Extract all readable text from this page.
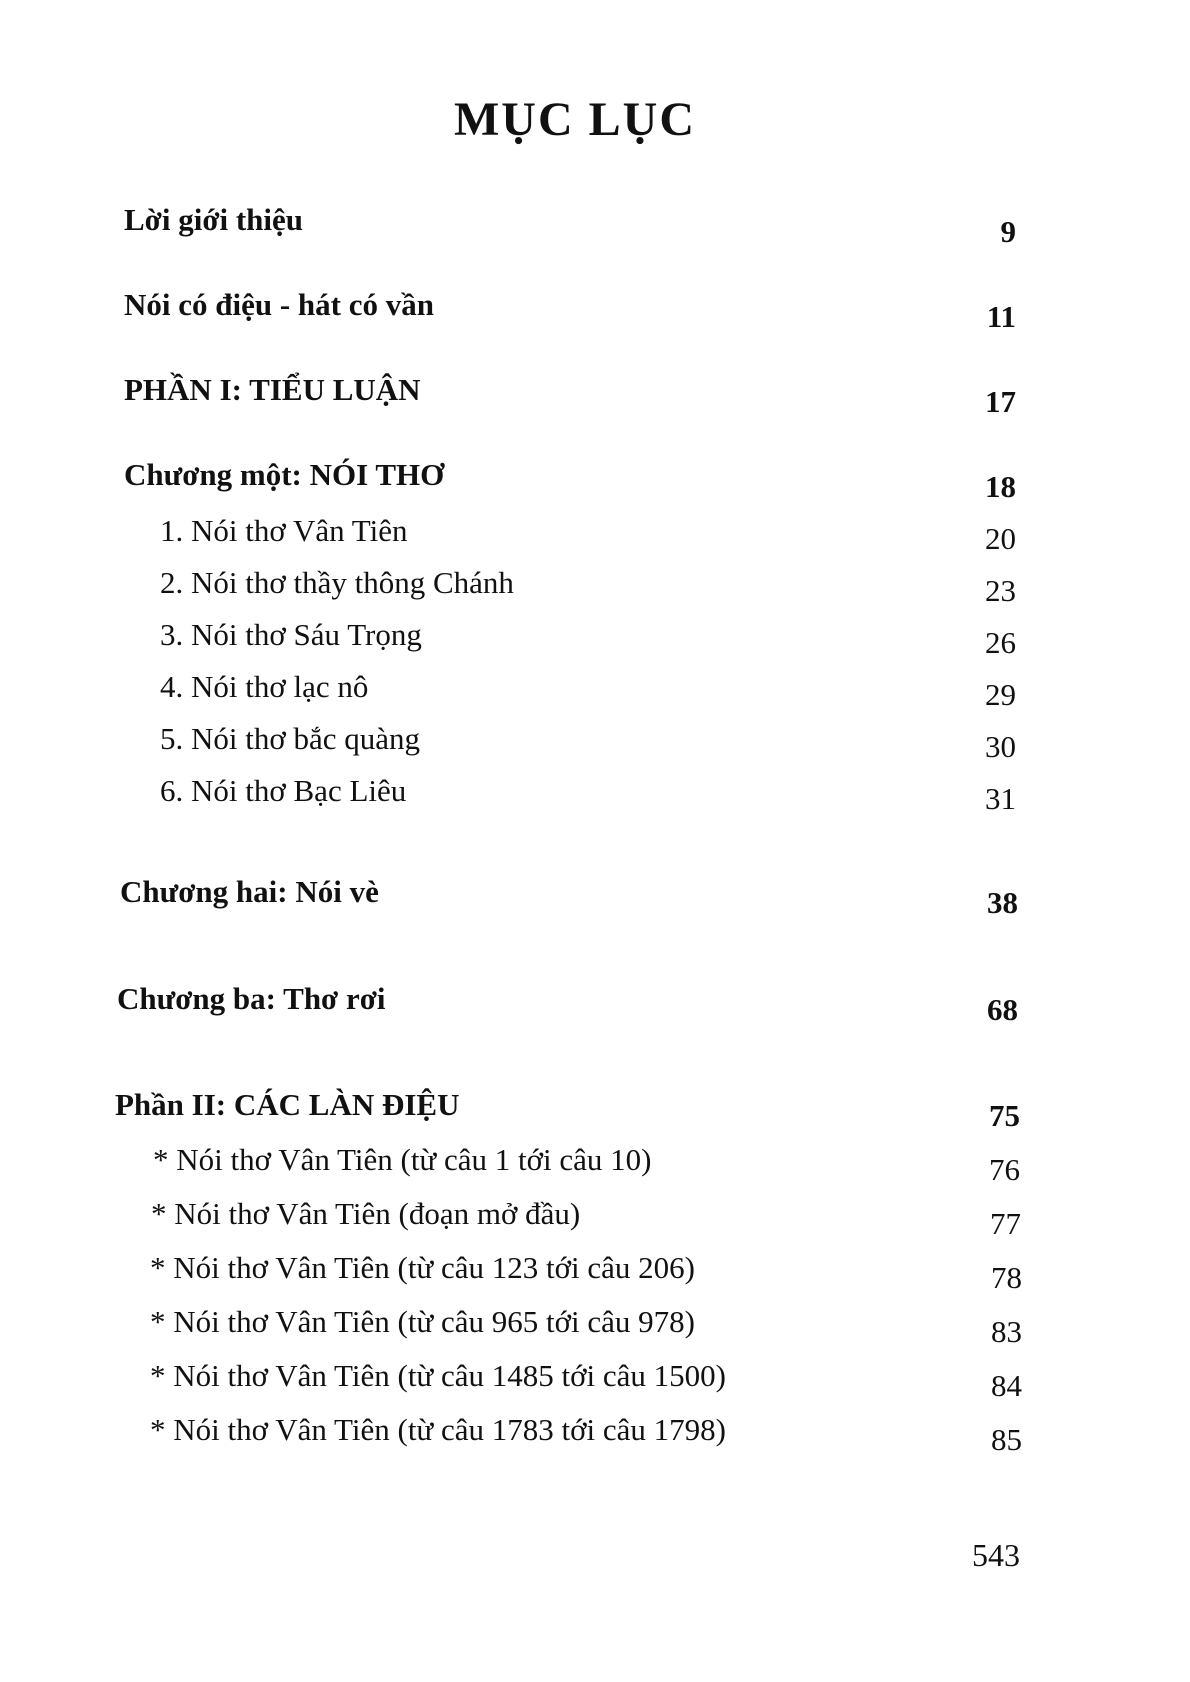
MỤC LỤC
Lời giới thiệu	9
Nói có điệu - hát có vần	11
PHẦN I: TIỂU LUẬN	17
Chương một: NÓI THƠ	18
1. Nói thơ Vân Tiên	20
2. Nói thơ thầy thông Chánh	23
3. Nói thơ Sáu Trọng	26
4. Nói thơ lạc nô	29
5. Nói thơ bắc quàng	30
6. Nói thơ Bạc Liêu	31
Chương hai: Nói vè	38
Chương ba: Thơ rơi	68
Phần II: CÁC LÀN ĐIỆU	75
* Nói thơ Vân Tiên (từ câu 1 tới câu 10)	76
* Nói thơ Vân Tiên (đoạn mở đầu)	77
* Nói thơ Vân Tiên (từ câu 123 tới câu 206)	78
* Nói thơ Vân Tiên (từ câu 965 tới câu 978)	83
* Nói thơ Vân Tiên (từ câu 1485 tới câu 1500)	84
* Nói thơ Vân Tiên (từ câu 1783 tới câu 1798)	85
543
